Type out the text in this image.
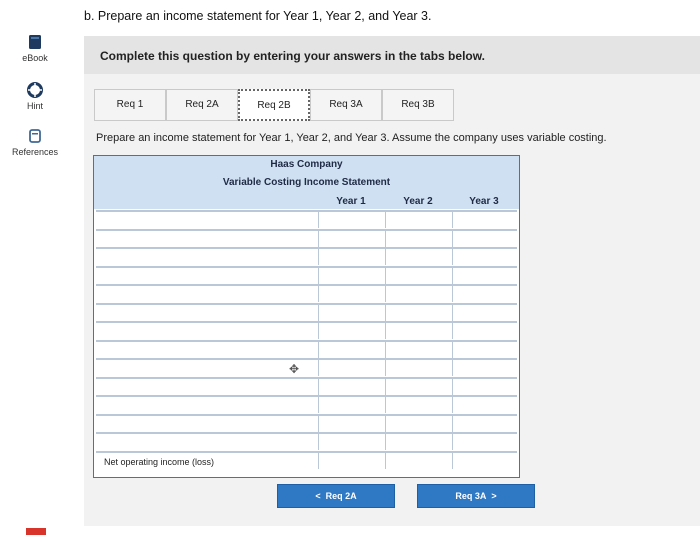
eBook
Hint
References
b. Prepare an income statement for Year 1, Year 2, and Year 3.
Complete this question by entering your answers in the tabs below.
Req 1	Req 2A	Req 2B	Req 3A	Req 3B
Prepare an income statement for Year 1, Year 2, and Year 3. Assume the company uses variable costing.
Haas Company
Variable Costing Income Statement
Year 1	Year 2	Year 3
Net operating income (loss)
✥
< Req 2A	Req 3A >
